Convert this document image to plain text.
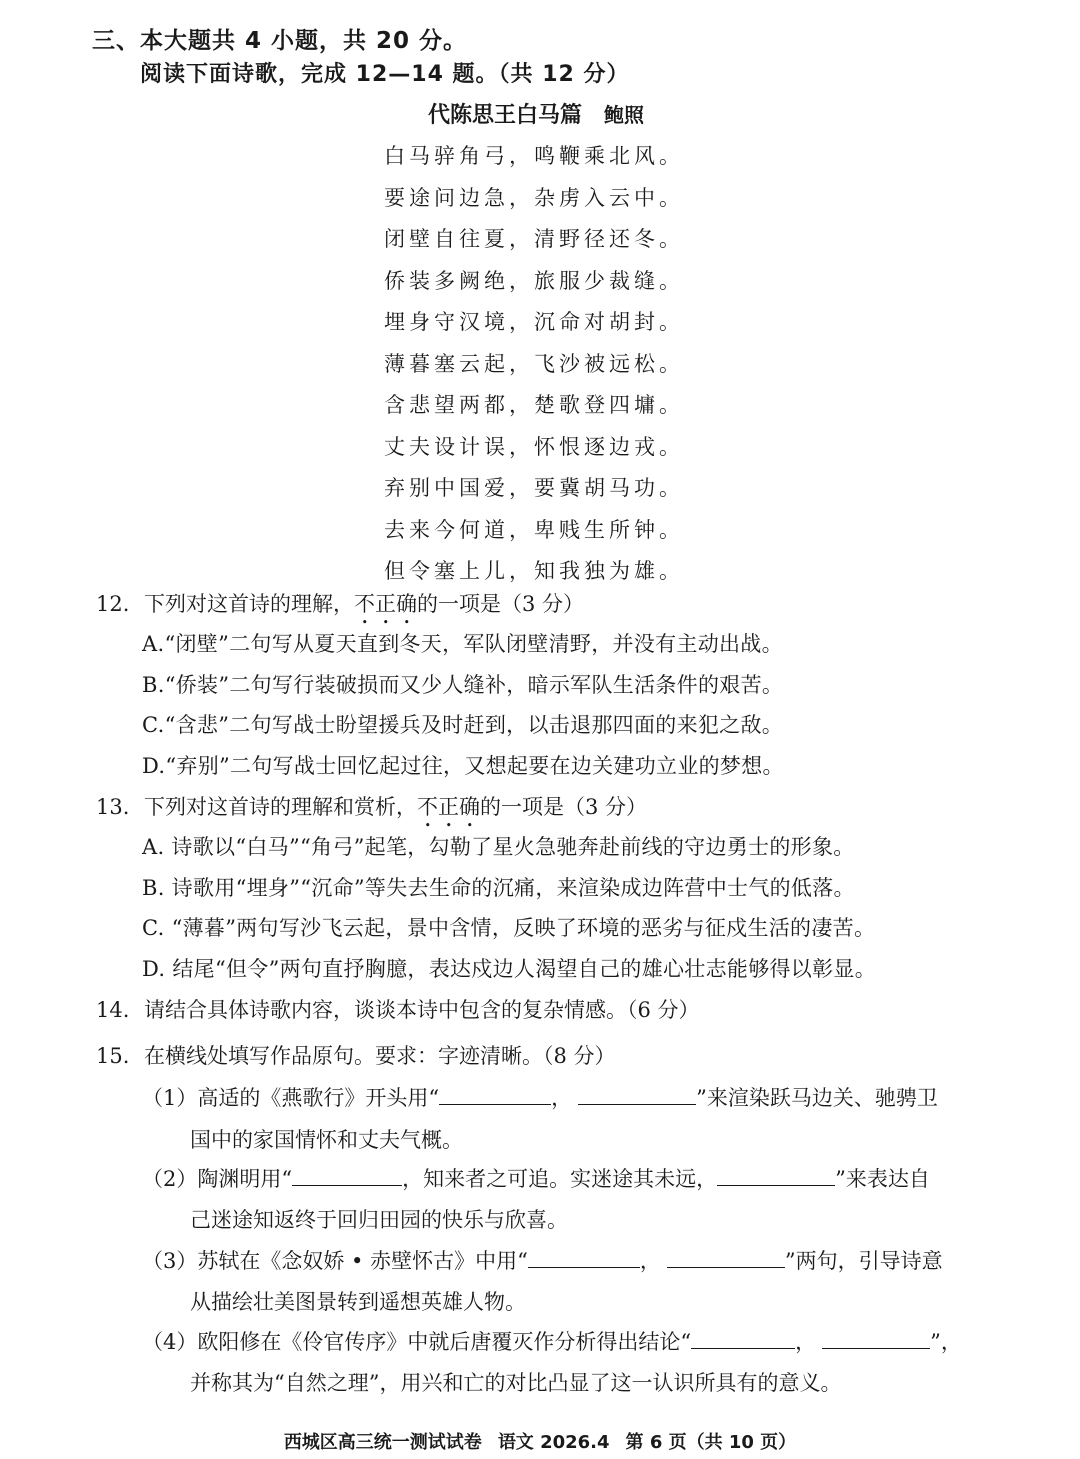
三、本大题共 4 小题，共 20 分。
阅读下面诗歌，完成 12—14 题。（共 12 分）
代陈思王白马篇 鲍照
白马骍角弓，鸣鞭乘北风。
要途问边急，杂虏入云中。
闭壁自往夏，清野径还冬。
侨装多阙绝，旅服少裁缝。
埋身守汉境，沉命对胡封。
薄暮塞云起，飞沙被远松。
含悲望两都，楚歌登四墉。
丈夫设计误，怀恨逐边戎。
弃别中国爱，要冀胡马功。
去来今何道，卑贱生所钟。
但令塞上儿，知我独为雄。
12. 下列对这首诗的理解，不正确的一项是（3 分）
A.“闭壁”二句写从夏天直到冬天，军队闭壁清野，并没有主动出战。
B.“侨装”二句写行装破损而又少人缝补，暗示军队生活条件的艰苦。
C.“含悲”二句写战士盼望援兵及时赶到，以击退那四面的来犯之敌。
D.“弃别”二句写战士回忆起过往，又想起要在边关建功立业的梦想。
13. 下列对这首诗的理解和赏析，不正确的一项是（3 分）
A. 诗歌以“白马”“角弓”起笔，勾勒了星火急驰奔赴前线的守边勇士的形象。
B. 诗歌用“埋身”“沉命”等失去生命的沉痛，来渲染成边阵营中士气的低落。
C. “薄暮”两句写沙飞云起，景中含情，反映了环境的恶劣与征戍生活的凄苦。
D. 结尾“但令”两句直抒胸臆，表达戍边人渴望自己的雄心壮志能够得以彰显。
14. 请结合具体诗歌内容，谈谈本诗中包含的复杂情感。（6 分）
15. 在横线处填写作品原句。要求：字迹清晰。（8 分）
（1）高适的《燕歌行》开头用“	，	”来渲染跃马边关、驰骋卫
国中的家国情怀和丈夫气概。
（2）陶渊明用“	，知来者之可追。实迷途其未远，	”来表达自
己迷途知返终于回归田园的快乐与欣喜。
（3）苏轼在《念奴娇 • 赤壁怀古》中用“	，	”两句，引导诗意
从描绘壮美图景转到遥想英雄人物。
（4）欧阳修在《伶官传序》中就后唐覆灭作分析得出结论“	，	”，
并称其为“自然之理”，用兴和亡的对比凸显了这一认识所具有的意义。
西城区高三统一测试试卷 语文 2026.4 第 6 页（共 10 页）
